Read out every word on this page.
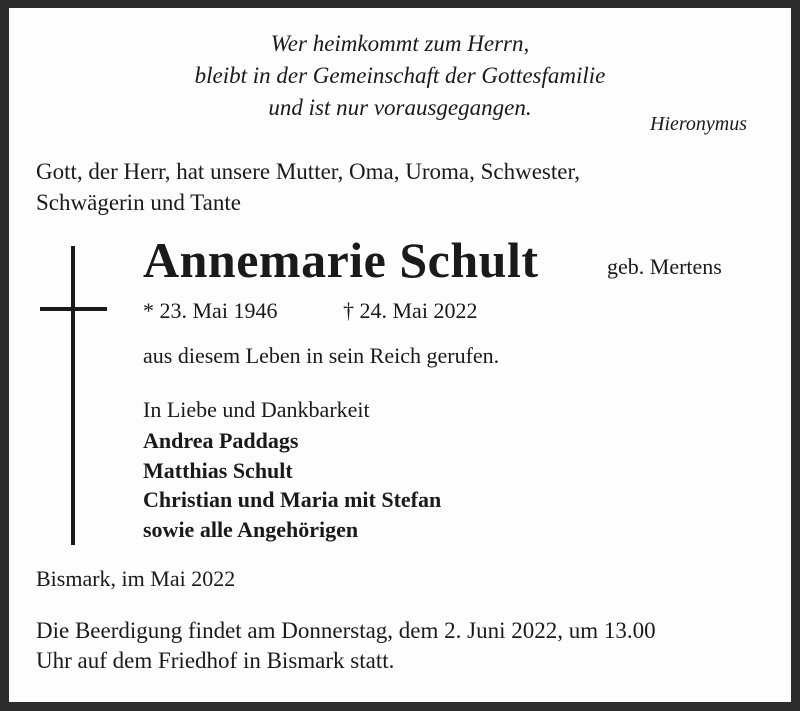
Wer heimkommt zum Herrn,
bleibt in der Gemeinschaft der Gottesfamilie
und ist nur vorausgegangen.
Hieronymus
Gott, der Herr, hat unsere Mutter, Oma, Uroma, Schwester,
Schwägerin und Tante
Annemarie Schult	geb. Mertens
* 23. Mai 1946	† 24. Mai 2022
aus diesem Leben in sein Reich gerufen.
In Liebe und Dankbarkeit
Andrea Paddags
Matthias Schult
Christian und Maria mit Stefan
sowie alle Angehörigen
Bismark, im Mai 2022
Die Beerdigung findet am Donnerstag, dem 2. Juni 2022, um 13.00
Uhr auf dem Friedhof in Bismark statt.
